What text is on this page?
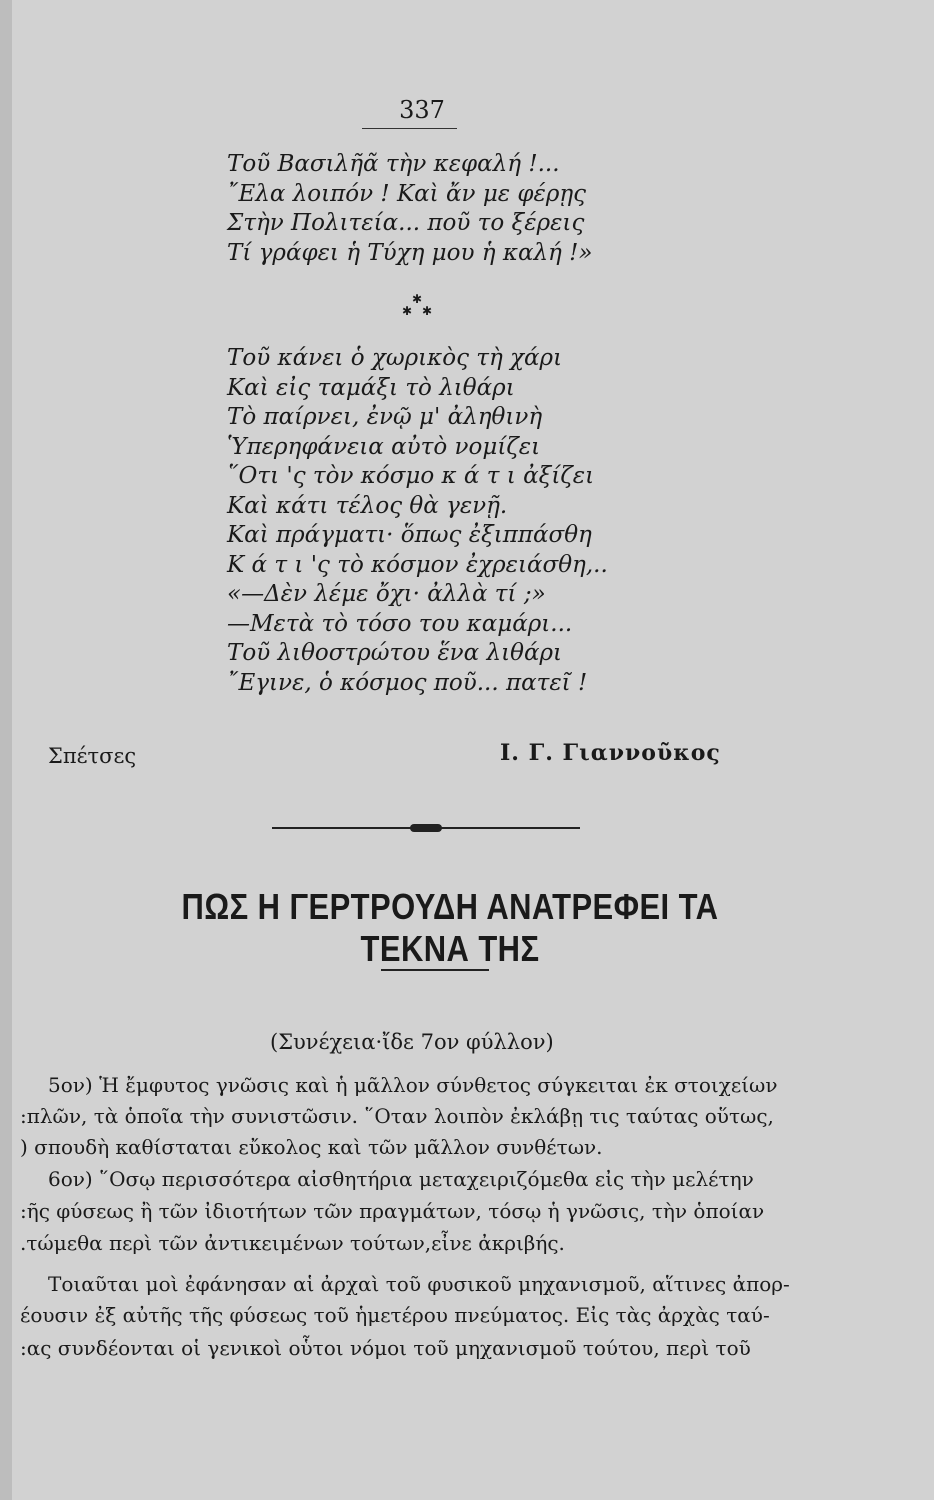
337
Τοῦ Βασιλῆᾶ τὴν κεφαλή !...
῎Ελα λοιπόν ! Καὶ ἄν με φέρῃς
Στὴν Πολιτεία... ποῦ το ξέρεις
Τί γράφει ἡ Τύχη μου ἡ καλή !»
✱
✱ ✱
Τοῦ κάνει ὁ χωρικὸς τὴ χάρι
Καὶ εἰς ταμάξι τὸ λιθάρι
Τὸ παίρνει, ἐνῷ μ' ἀληθινὴ
Ὑπερηφάνεια αὐτὸ νομίζει
῞Οτι 'ς τὸν κόσμο κ ά τ ι ἀξίζει
Καὶ κάτι τέλος θὰ γενῇ.
Καὶ πράγματι· ὅπως ἐξιππάσθη
Κ ά τ ι 'ς τὸ κόσμον ἐχρειάσθη,..
«—Δὲν λέμε ὄχι· ἀλλὰ τί ;»
—Μετὰ τὸ τόσο του καμάρι...
Τοῦ λιθοστρώτου ἕνα λιθάρι
῎Εγινε, ὁ κόσμος ποῦ... πατεῖ !
Σπέτσες	Ι. Γ. Γιαννοῦκος
ΠΩΣ Η ΓΕΡΤΡΟΥΔΗ ΑΝΑΤΡΕΦΕΙ ΤΑ ΤΕΚΝΑ ΤΗΣ
(Συνέχεια·ἴδε 7ον φύλλον)
5ον) Ἡ ἔμφυτος γνῶσις καὶ ἡ μᾶλλον σύνθετος σύγκειται ἐκ στοιχείων
:πλῶν, τὰ ὁποῖα τὴν συνιστῶσιν. ῞Οταν λοιπὸν ἐκλάβῃ τις ταύτας οὕτως,
) σπουδὴ καθίσταται εὔκολος καὶ τῶν μᾶλλον συνθέτων.
6ον) ῞Οσῳ περισσότερα αἰσθητήρια μεταχειριζόμεθα εἰς τὴν μελέτην
:ῆς φύσεως ἢ τῶν ἰδιοτήτων τῶν πραγμάτων, τόσῳ ἡ γνῶσις, τὴν ὁποίαν
.τώμεθα περὶ τῶν ἀντικειμένων τούτων,εἶνε ἀκριβής.
Τοιαῦται μοὶ ἐφάνησαν αἱ ἀρχαὶ τοῦ φυσικοῦ μηχανισμοῦ, αἵτινες ἀπορ-
έουσιν ἐξ αὐτῆς τῆς φύσεως τοῦ ἡμετέρου πνεύματος. Εἰς τὰς ἀρχὰς ταύ-
:ας συνδέονται οἱ γενικοὶ οὗτοι νόμοι τοῦ μηχανισμοῦ τούτου, περὶ τοῦ
